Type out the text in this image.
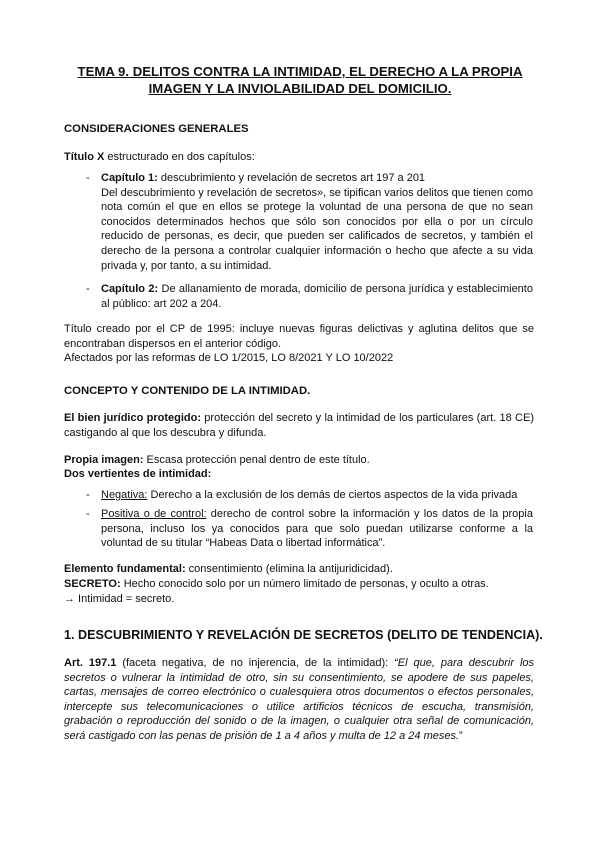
TEMA 9. DELITOS CONTRA LA INTIMIDAD, EL DERECHO A LA PROPIA
IMAGEN Y LA INVIOLABILIDAD DEL DOMICILIO.
CONSIDERACIONES GENERALES
Título X estructurado en dos capítulos:
- Capítulo 1: descubrimiento y revelación de secretos art 197 a 201
Del descubrimiento y revelación de secretos», se tipifican varios delitos que tienen como nota común el que en ellos se protege la voluntad de una persona de que no sean conocidos determinados hechos que sólo son conocidos por ella o por un círculo reducido de personas, es decir, que pueden ser calificados de secretos, y también el derecho de la persona a controlar cualquier información o hecho que afecte a su vida privada y, por tanto, a su intimidad.
- Capítulo 2: De allanamiento de morada, domicilio de persona jurídica y establecimiento al público: art 202 a 204.
Título creado por el CP de 1995: incluye nuevas figuras delictivas y aglutina delitos que se encontraban dispersos en el anterior código.
Afectados por las reformas de LO 1/2015, LO 8/2021 Y LO 10/2022
CONCEPTO Y CONTENIDO DE LA INTIMIDAD.
El bien jurídico protegido: protección del secreto y la intimidad de los particulares (art. 18 CE) castigando al que los descubra y difunda.
Propia imagen: Escasa protección penal dentro de este título.
Dos vertientes de intimidad:
- Negativa: Derecho a la exclusión de los demás de ciertos aspectos de la vida privada
- Positiva o de control: derecho de control sobre la información y los datos de la propia persona, incluso los ya conocidos para que solo puedan utilizarse conforme a la voluntad de su titular “Habeas Data o libertad informática”.
Elemento fundamental: consentimiento (elimina la antijuridicidad).
SECRETO: Hecho conocido solo por un número limitado de personas, y oculto a otras.
→ Intimidad = secreto.
1. DESCUBRIMIENTO Y REVELACIÓN DE SECRETOS (DELITO DE TENDENCIA).
Art. 197.1 (faceta negativa, de no injerencia, de la intimidad): “El que, para descubrir los secretos o vulnerar la intimidad de otro, sin su consentimiento, se apodere de sus papeles, cartas, mensajes de correo electrónico o cualesquiera otros documentos o efectos personales, intercepte sus telecomunicaciones o utilice artificios técnicos de escucha, transmisión, grabación o reproducción del sonido o de la imagen, o cualquier otra señal de comunicación, será castigado con las penas de prisión de 1 a 4 años y multa de 12 a 24 meses.”
